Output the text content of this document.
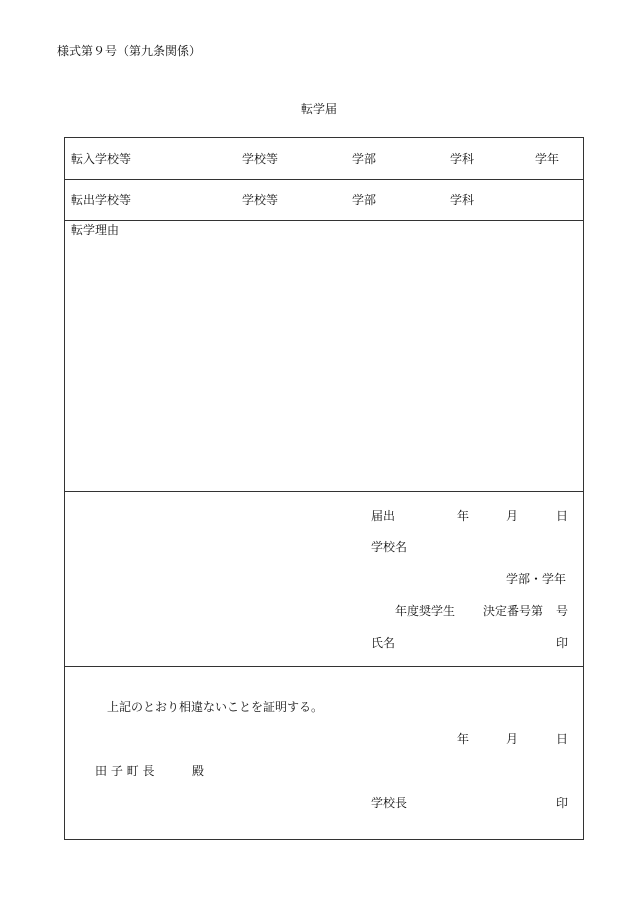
様式第９号（第九条関係）
転学届
転入学校等	学校等	学部	学科	学年
転出学校等	学校等	学部	学科
転学理由
届出	年	月	日
学校名
学部・学年
年度奨学生 決定番号第 号
氏名	印
上記のとおり相違ないことを証明する。
年	月	日
田 子 町 長	殿
学校長	印
